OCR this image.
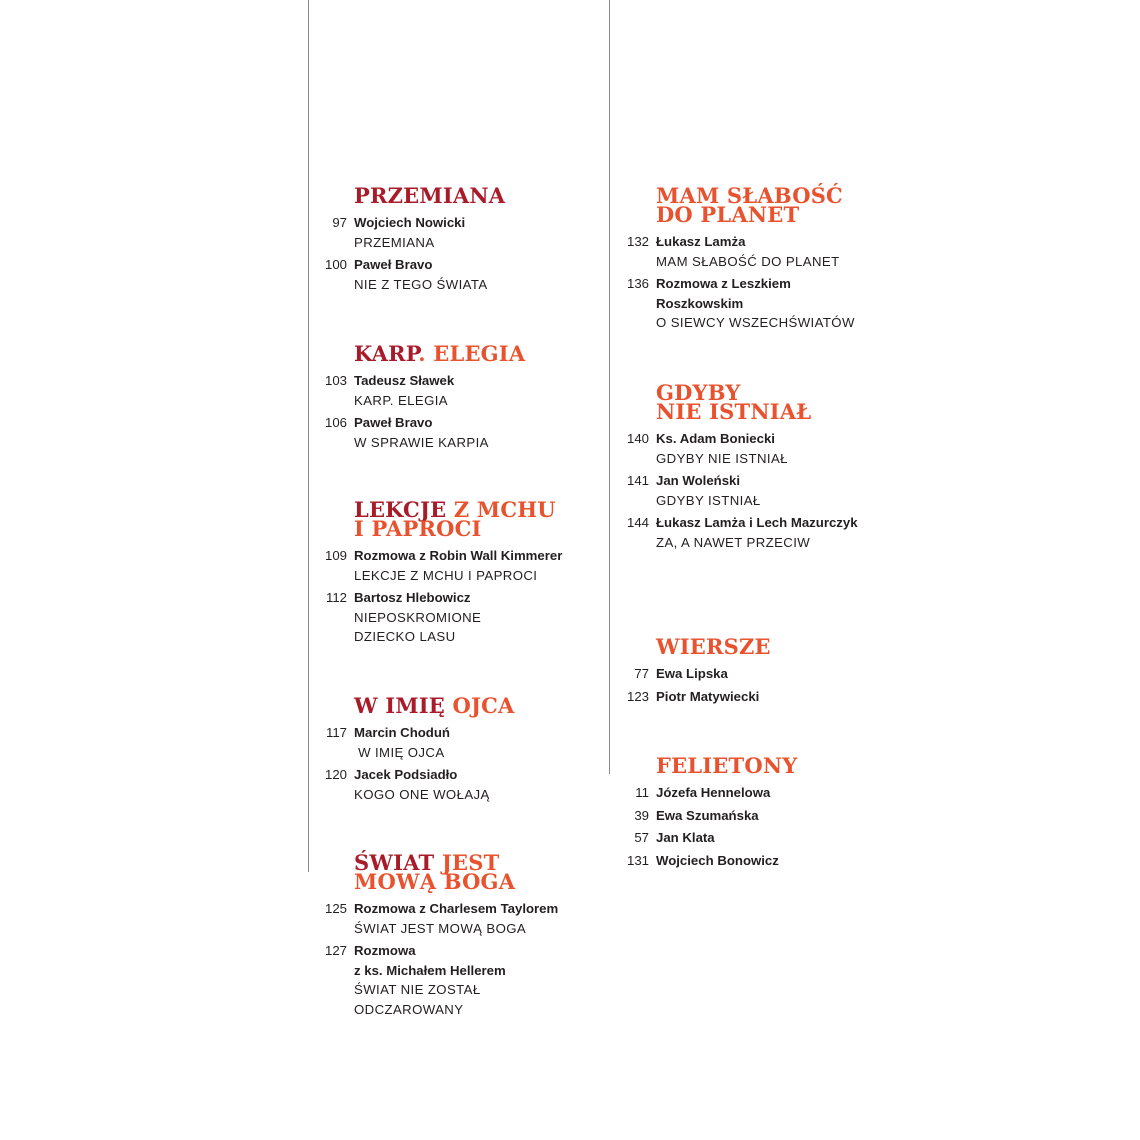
PRZEMIANA
97 Wojciech Nowicki
PRZEMIANA
100 Paweł Bravo
NIE Z TEGO ŚWIATA
KARP. ELEGIA
103 Tadeusz Sławek
KARP. ELEGIA
106 Paweł Bravo
W SPRAWIE KARPIA
LEKCJE Z MCHU
I PAPROCI
109 Rozmowa z Robin Wall Kimmerer
LEKCJE Z MCHU I PAPROCI
112 Bartosz Hlebowicz
NIEPOSKROMIONE
DZIECKO LASU
W IMIĘ OJCA
117 Marcin Choduń
W IMIĘ OJCA
120 Jacek Podsiadło
KOGO ONE WOŁAJĄ
ŚWIAT JEST
MOWĄ BOGA
125 Rozmowa z Charlesem Taylorem
ŚWIAT JEST MOWĄ BOGA
127 Rozmowa
z ks. Michałem Hellerem
ŚWIAT NIE ZOSTAŁ
ODCZAROWANY
MAM SŁABOŚĆ
DO PLANET
132 Łukasz Lamża
MAM SŁABOŚĆ DO PLANET
136 Rozmowa z Leszkiem
Roszkowskim
O SIEWCY WSZECHŚWIATÓW
GDYBY
NIE ISTNIAŁ
140 Ks. Adam Boniecki
GDYBY NIE ISTNIAŁ
141 Jan Woleński
GDYBY ISTNIAŁ
144 Łukasz Lamża i Lech Mazurczyk
ZA, A NAWET PRZECIW
WIERSZE
77 Ewa Lipska
123 Piotr Matywiecki
FELIETONY
11 Józefa Hennelowa
39 Ewa Szumańska
57 Jan Klata
131 Wojciech Bonowicz
